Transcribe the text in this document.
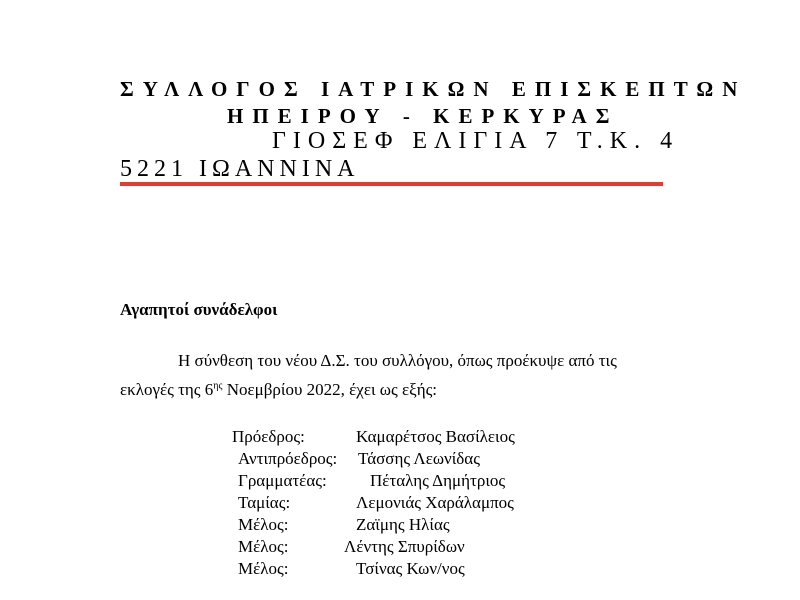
ΣΥΛΛΟΓΟΣ ΙΑΤΡΙΚΩΝ ΕΠΙΣΚΕΠΤΩΝ
ΗΠΕΙΡΟΥ - ΚΕΡΚΥΡΑΣ
ΓΙΟΣΕΦ ΕΛΙΓΙΑ 7 Τ.Κ. 4
5221 ΙΩΑΝΝΙΝΑ
Αγαπητοί συνάδελφοι
Η σύνθεση του νέου Δ.Σ. του συλλόγου, όπως προέκυψε από τις
εκλογές της $6^{\eta\varsigma}$ Νοεμβρίου 2022, έχει ως εξής:
Πρόεδρος:	Καμαρέτσος Βασίλειος
Αντιπρόεδρος: Τάσσης Λεωνίδας
Γραμματέας:	Πέταλης Δημήτριος
Ταμίας:	Λεμονιάς Χαράλαμπος
Μέλος:	Ζαϊμης Ηλίας
Μέλος:	Λέντης Σπυρίδων
Μέλος:	Τσίνας Κων/νος
